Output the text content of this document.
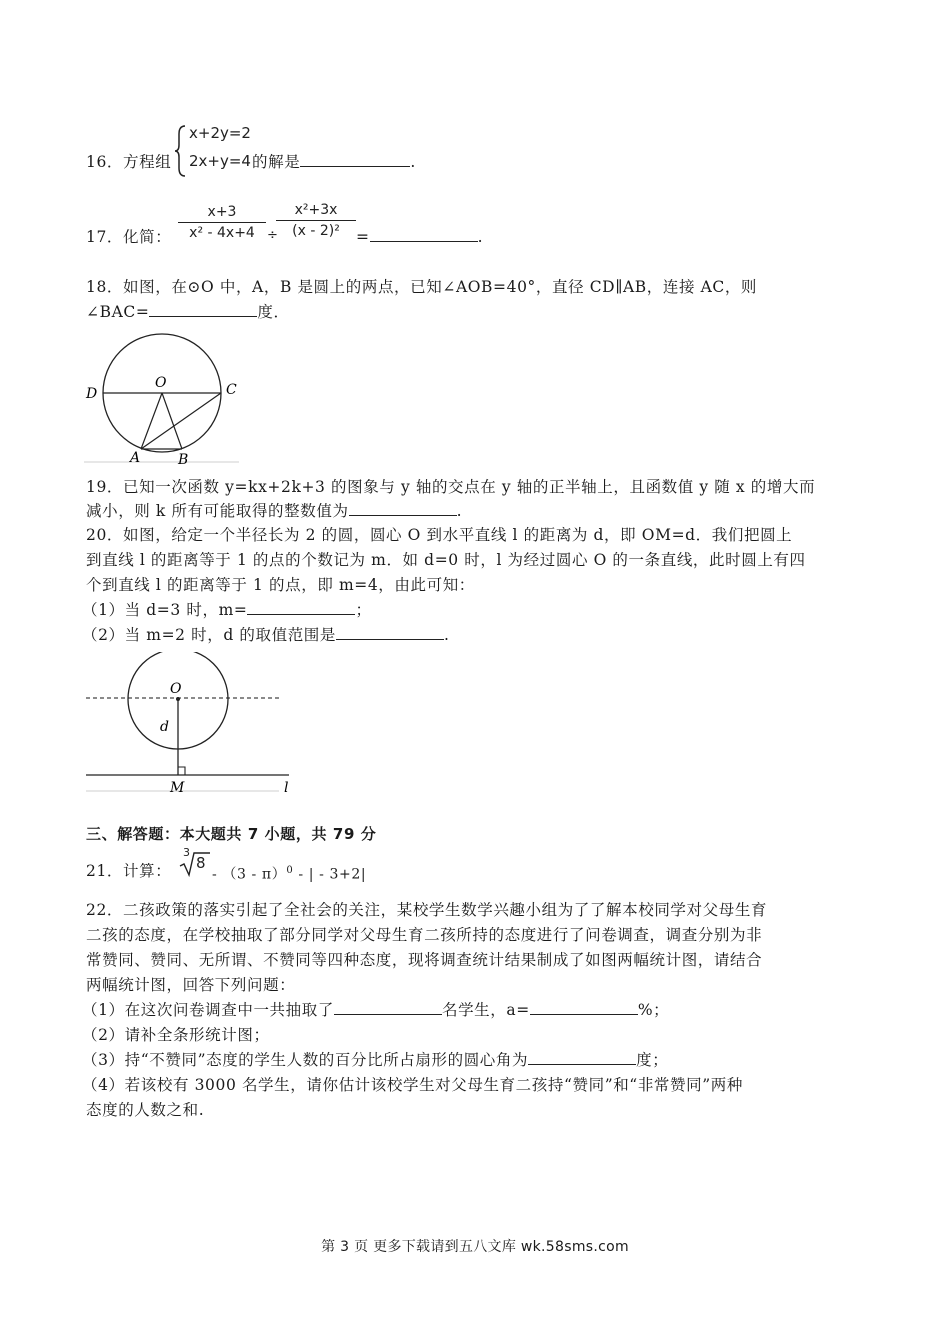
16．方程组
x+2y=2
2x+y=4 的解是	.
17．化简：
x+3
x² - 4x+4 ÷
x²+3x
(x - 2)²	=	.
18．如图，在⊙O 中，A，B 是圆上的两点，已知∠AOB=40°，直径 CD∥AB，连接 AC，则
∠BAC=	度．
D
O	C
A	B
19．已知一次函数 y=kx+2k+3 的图象与 y 轴的交点在 y 轴的正半轴上，且函数值 y 随 x 的增大而
减小，则 k 所有可能取得的整数值为	.
20．如图，给定一个半径长为 2 的圆，圆心 O 到水平直线 l 的距离为 d，即 OM=d．我们把圆上
到直线 l 的距离等于 1 的点的个数记为 m．如 d=0 时，l 为经过圆心 O 的一条直线，此时圆上有四
个到直线 l 的距离等于 1 的点，即 m=4，由此可知：
（1）当 d=3 时，m=	；
（2）当 m=2 时，d 的取值范围是	.
O
d
M	l
三、解答题：本大题共 7 小题，共 79 分
21．计算：
3
8
- （3 - π）$^0$ - | - 3+2|
22．二孩政策的落实引起了全社会的关注，某校学生数学兴趣小组为了了解本校同学对父母生育
二孩的态度，在学校抽取了部分同学对父母生育二孩所持的态度进行了问卷调查，调查分别为非
常赞同、赞同、无所谓、不赞同等四种态度，现将调查统计结果制成了如图两幅统计图，请结合
两幅统计图，回答下列问题：
（1）在这次问卷调查中一共抽取了	名学生，a=	%；
（2）请补全条形统计图；
（3）持“不赞同”态度的学生人数的百分比所占扇形的圆心角为	度；
（4）若该校有 3000 名学生，请你估计该校学生对父母生育二孩持“赞同”和“非常赞同”两种
态度的人数之和.
第 3 页 更多下载请到五八文库 wk.58sms.com
